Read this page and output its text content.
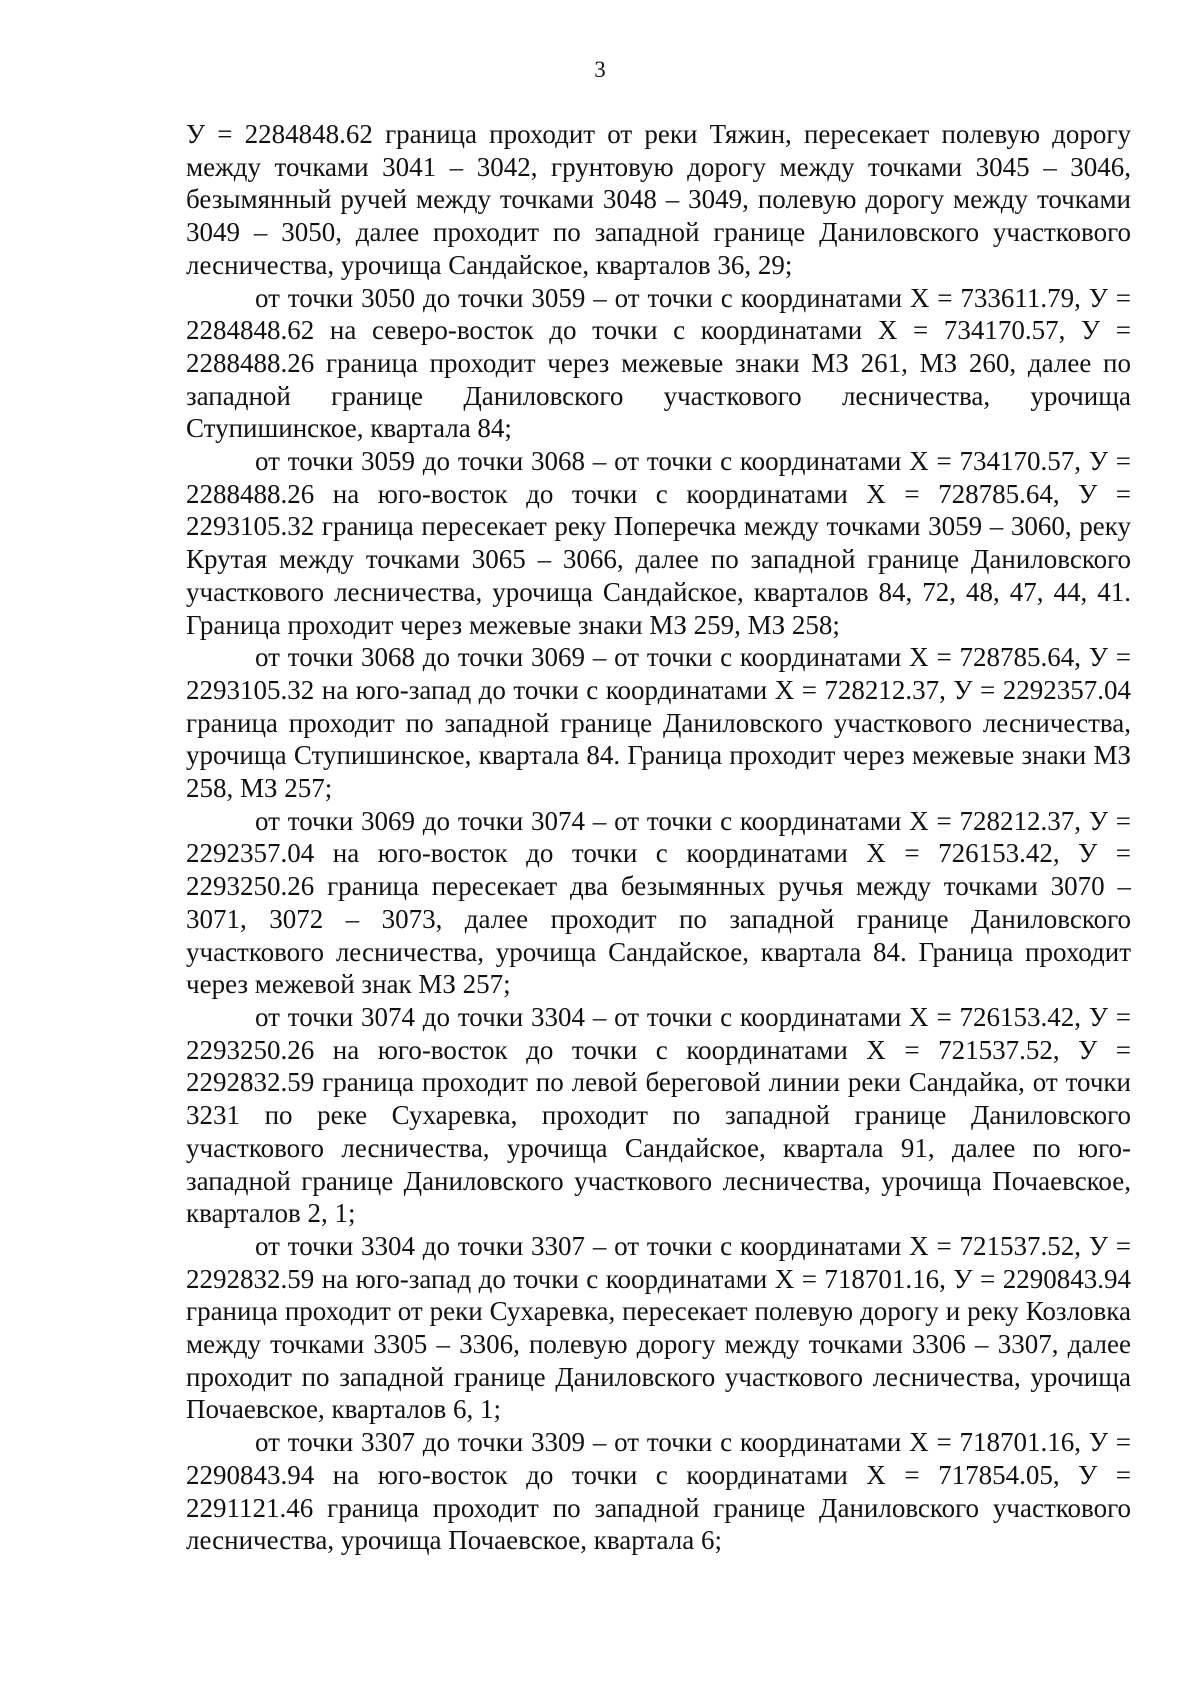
3

У = 2284848.62 граница проходит от реки Тяжин, пересекает полевую дорогу между точками 3041 – 3042, грунтовую дорогу между точками 3045 – 3046, безымянный ручей между точками 3048 – 3049, полевую дорогу между точками 3049 – 3050, далее проходит по западной границе Даниловского участкового лесничества, урочища Сандайское, кварталов 36, 29;

от точки 3050 до точки 3059 – от точки с координатами Х = 733611.79, У = 2284848.62 на северо-восток до точки с координатами Х = 734170.57, У = 2288488.26 граница проходит через межевые знаки МЗ 261, МЗ 260, далее по западной границе Даниловского участкового лесничества, урочища Ступишинское, квартала 84;

от точки 3059 до точки 3068 – от точки с координатами Х = 734170.57, У = 2288488.26 на юго-восток до точки с координатами Х = 728785.64, У = 2293105.32 граница пересекает реку Поперечка между точками 3059 – 3060, реку Крутая между точками 3065 – 3066, далее по западной границе Даниловского участкового лесничества, урочища Сандайское, кварталов 84, 72, 48, 47, 44, 41. Граница проходит через межевые знаки МЗ 259, МЗ 258;

от точки 3068 до точки 3069 – от точки с координатами Х = 728785.64, У = 2293105.32 на юго-запад до точки с координатами Х = 728212.37, У = 2292357.04 граница проходит по западной границе Даниловского участкового лесничества, урочища Ступишинское, квартала 84. Граница проходит через межевые знаки МЗ 258, МЗ 257;

от точки 3069 до точки 3074 – от точки с координатами Х = 728212.37, У = 2292357.04 на юго-восток до точки с координатами Х = 726153.42, У = 2293250.26 граница пересекает два безымянных ручья между точками 3070 – 3071, 3072 – 3073, далее проходит по западной границе Даниловского участкового лесничества, урочища Сандайское, квартала 84. Граница проходит через межевой знак МЗ 257;

от точки 3074 до точки 3304 – от точки с координатами Х = 726153.42, У = 2293250.26 на юго-восток до точки с координатами Х = 721537.52, У = 2292832.59 граница проходит по левой береговой линии реки Сандайка, от точки 3231 по реке Сухаревка, проходит по западной границе Даниловского участкового лесничества, урочища Сандайское, квартала 91, далее по юго-западной границе Даниловского участкового лесничества, урочища Почаевское, кварталов 2, 1;

от точки 3304 до точки 3307 – от точки с координатами Х = 721537.52, У = 2292832.59 на юго-запад до точки с координатами Х = 718701.16, У = 2290843.94 граница проходит от реки Сухаревка, пересекает полевую дорогу и реку Козловка между точками 3305 – 3306, полевую дорогу между точками 3306 – 3307, далее проходит по западной границе Даниловского участкового лесничества, урочища Почаевское, кварталов 6, 1;

от точки 3307 до точки 3309 – от точки с координатами Х = 718701.16, У = 2290843.94 на юго-восток до точки с координатами Х = 717854.05, У = 2291121.46 граница проходит по западной границе Даниловского участкового лесничества, урочища Почаевское, квартала 6;
